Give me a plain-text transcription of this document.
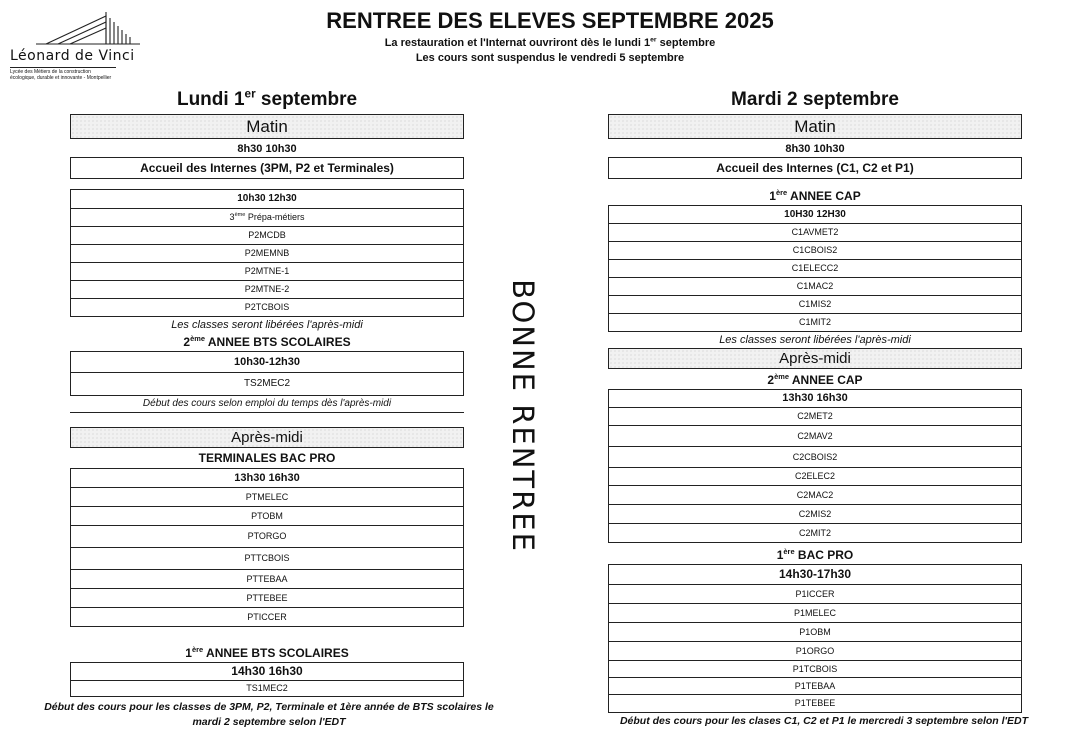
Léonard de Vinci
Lycée des Métiers de la construction
écologique, durable et innovante - Montpellier
RENTREE DES ELEVES SEPTEMBRE 2025
La restauration et l'Internat ouvriront dès le lundi 1er septembre
Les cours sont suspendus le vendredi 5 septembre
Lundi 1er septembre
Matin
8h30 10h30
Accueil des Internes (3PM, P2 et Terminales)
10h30 12h30
3ème Prépa-métiers
P2MCDB
P2MEMNB
P2MTNE-1
P2MTNE-2
P2TCBOIS
Les classes seront libérées l'après-midi
2ème ANNEE BTS SCOLAIRES
10h30-12h30
TS2MEC2
Début des cours selon emploi du temps dès l'après-midi
Après-midi
TERMINALES BAC PRO
13h30 16h30
PTMELEC
PTOBM
PTORGO
PTTCBOIS
PTTEBAA
PTTEBEE
PTICCER
1ère ANNEE BTS SCOLAIRES
14h30 16h30
TS1MEC2
Début des cours pour les classes de 3PM, P2, Terminale et 1ère année de BTS scolaires le
mardi 2 septembre selon l'EDT
BONNE RENTREE
Mardi 2 septembre
Matin
8h30 10h30
Accueil des Internes (C1, C2 et P1)
1ère ANNEE CAP
10H30 12H30
C1AVMET2
C1CBOIS2
C1ELECC2
C1MAC2
C1MIS2
C1MIT2
Les classes seront libérées l'après-midi
Après-midi
2ème ANNEE CAP
13h30 16h30
C2MET2
C2MAV2
C2CBOIS2
C2ELEC2
C2MAC2
C2MIS2
C2MIT2
1ère BAC PRO
14h30-17h30
P1ICCER
P1MELEC
P1OBM
P1ORGO
P1TCBOIS
P1TEBAA
P1TEBEE
Début des cours pour les clases C1, C2 et P1 le mercredi 3 septembre selon l'EDT
